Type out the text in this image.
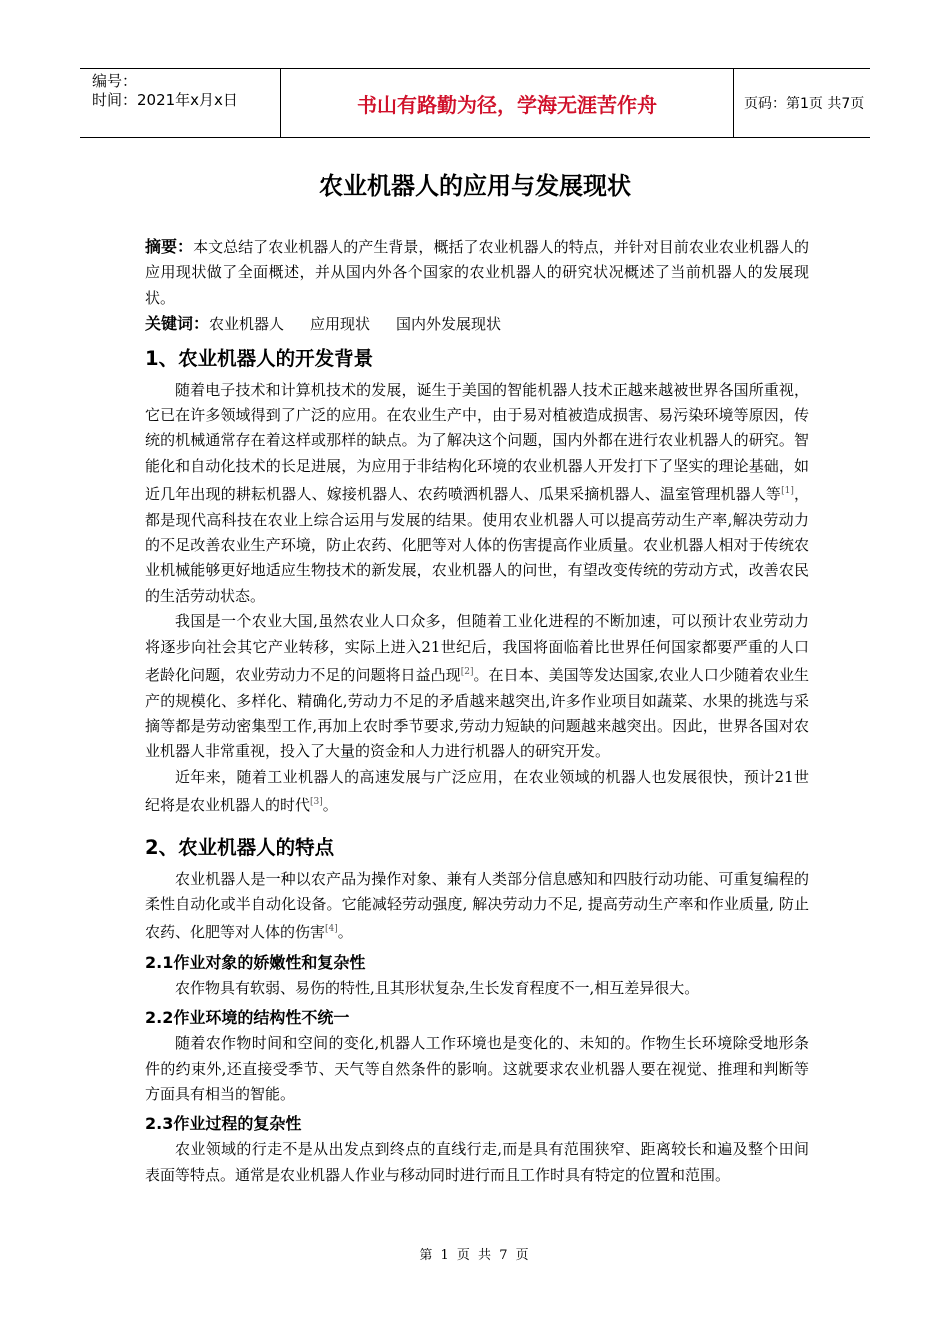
编号：
时间：2021年x月x日	书山有路勤为径，学海无涯苦作舟	页码：第1页 共7页
农业机器人的应用与发展现状

摘要：本文总结了农业机器人的产生背景，概括了农业机器人的特点，并针对目前农业农业机器人的应用现状做了全面概述，并从国内外各个国家的农业机器人的研究状况概述了当前机器人的发展现状。

关键词：农业机器人 应用现状 国内外发展现状

1、农业机器人的开发背景

随着电子技术和计算机技术的发展，诞生于美国的智能机器人技术正越来越被世界各国所重视，它已在许多领域得到了广泛的应用。在农业生产中，由于易对植被造成损害、易污染环境等原因，传统的机械通常存在着这样或那样的缺点。为了解决这个问题，国内外都在进行农业机器人的研究。智能化和自动化技术的长足进展，为应用于非结构化环境的农业机器人开发打下了坚实的理论基础，如近几年出现的耕耘机器人、嫁接机器人、农药喷洒机器人、瓜果采摘机器人、温室管理机器人等[1]，都是现代高科技在农业上综合运用与发展的结果。使用农业机器人可以提高劳动生产率,解决劳动力的不足改善农业生产环境，防止农药、化肥等对人体的伤害提高作业质量。农业机器人相对于传统农业机械能够更好地适应生物技术的新发展，农业机器人的问世，有望改变传统的劳动方式，改善农民的生活劳动状态。

我国是一个农业大国,虽然农业人口众多，但随着工业化进程的不断加速，可以预计农业劳动力将逐步向社会其它产业转移，实际上进入21世纪后，我国将面临着比世界任何国家都要严重的人口老龄化问题，农业劳动力不足的问题将日益凸现[2]。在日本、美国等发达国家,农业人口少随着农业生产的规模化、多样化、精确化,劳动力不足的矛盾越来越突出,许多作业项目如蔬菜、水果的挑选与采摘等都是劳动密集型工作,再加上农时季节要求,劳动力短缺的问题越来越突出。因此，世界各国对农业机器人非常重视，投入了大量的资金和人力进行机器人的研究开发。

近年来，随着工业机器人的高速发展与广泛应用，在农业领域的机器人也发展很快，预计21世纪将是农业机器人的时代[3]。

2、农业机器人的特点

农业机器人是一种以农产品为操作对象、兼有人类部分信息感知和四肢行动功能、可重复编程的柔性自动化或半自动化设备。它能减轻劳动强度, 解决劳动力不足, 提高劳动生产率和作业质量, 防止农药、化肥等对人体的伤害[4]。

2.1作业对象的娇嫩性和复杂性

农作物具有软弱、易伤的特性,且其形状复杂,生长发育程度不一,相互差异很大。

2.2作业环境的结构性不统一

随着农作物时间和空间的变化,机器人工作环境也是变化的、未知的。作物生长环境除受地形条件的约束外,还直接受季节、天气等自然条件的影响。这就要求农业机器人要在视觉、推理和判断等方面具有相当的智能。

2.3作业过程的复杂性

农业领域的行走不是从出发点到终点的直线行走,而是具有范围狭窄、距离较长和遍及整个田间表面等特点。通常是农业机器人作业与移动同时进行而且工作时具有特定的位置和范围。

第 1 页 共 7 页
